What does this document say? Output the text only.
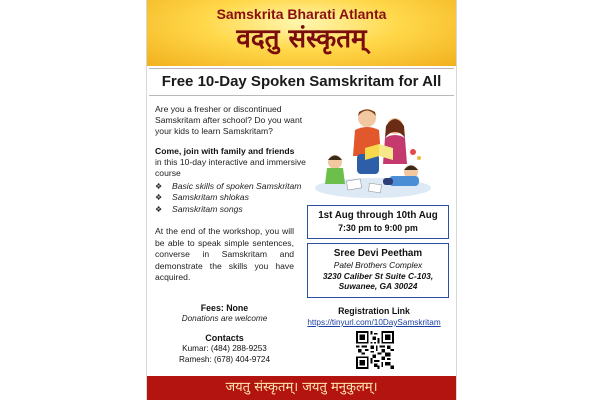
Samskrita Bharati Atlanta
वदतु संस्कृतम्
Free 10-Day Spoken Samskritam for All
Are you a fresher or discontinued Samskritam after school? Do you want your kids to learn Samskritam?
Come, join with family and friends
in this 10-day interactive and immersive course
❖ Basic skills of spoken Samskritam
❖ Samskritam shlokas
❖ Samskritam songs
At the end of the workshop, you will be able to speak simple sentences, converse in Samskritam and demonstrate the skills you have acquired.
1st Aug through 10th Aug
7:30 pm to 9:00 pm
Sree Devi Peetham
Patel Brothers Complex
3230 Caliber St Suite C-103,
Suwanee, GA 30024
Fees: None
Donations are welcome
Registration Link
https://tinyurl.com/10DaySamskritam
Contacts
Kumar: (484) 288-9253
Ramesh: (678) 404-9724
जयतु संस्कृतम्। जयतु मनुकुलम्।
